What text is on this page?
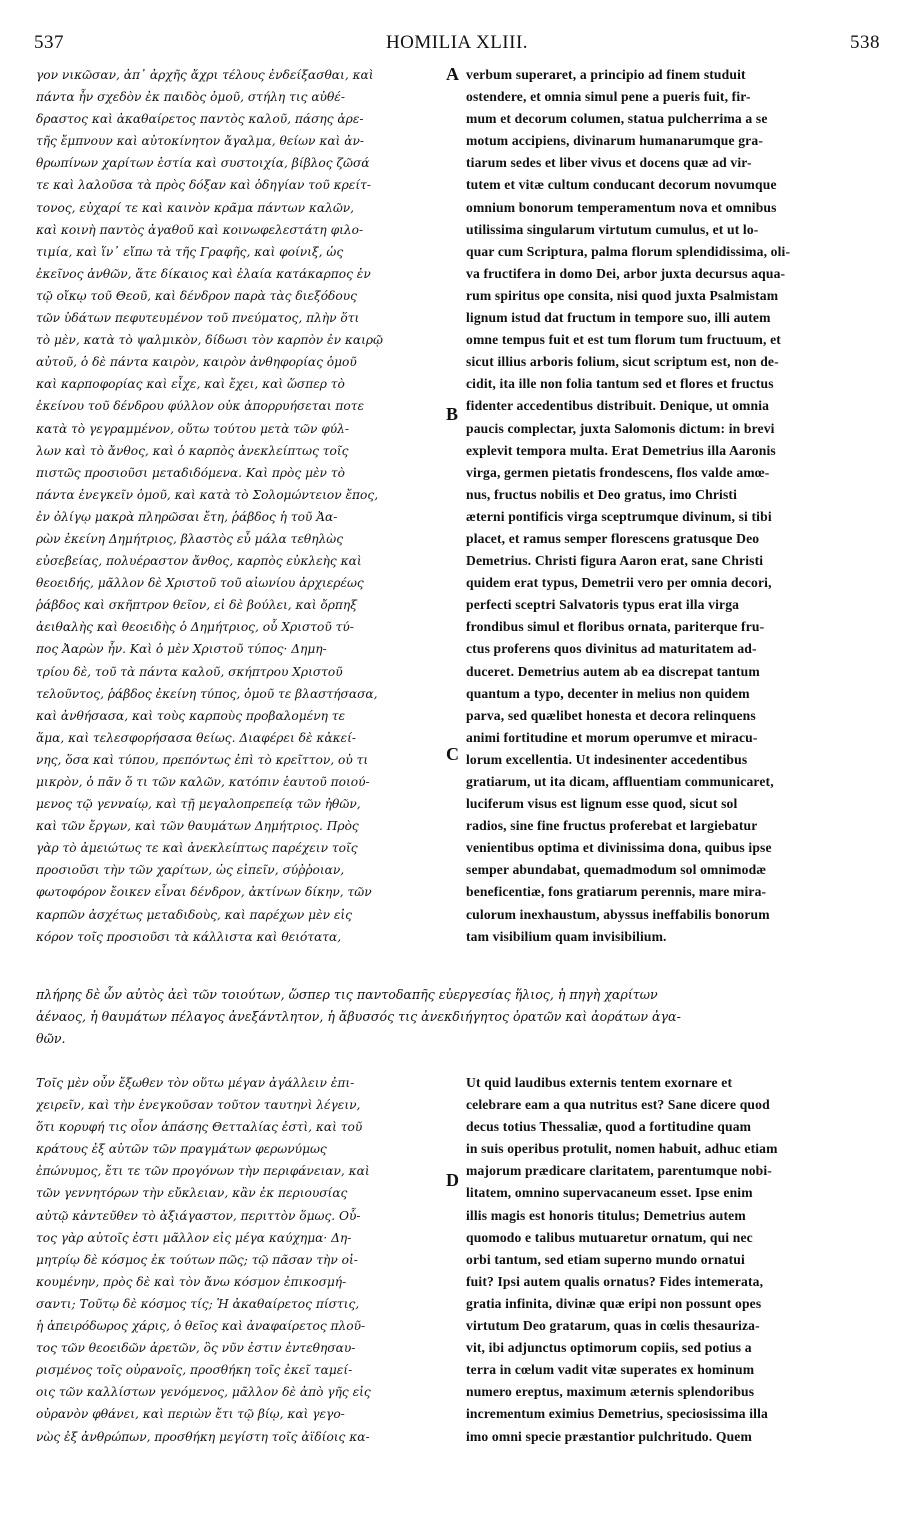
537	HOMILIA XLIII.	538
γον νικῶσαν, ἀπ᾽ ἀρχῆς ἄχρι τέλους ἐνδείξασθαι, καὶ
πάντα ἦν σχεδὸν ἐκ παιδὸς ὁμοῦ, στήλη τις αὐθέ-
δραστος καὶ ἀκαθαίρετος παντὸς καλοῦ, πάσης ἀρε-
τῆς ἔμπνουν καὶ αὐτοκίνητον ἄγαλμα, θείων καὶ ἀν-
θρωπίνων χαρίτων ἑστία καὶ συστοιχία, βίβλος ζῶσά
τε καὶ λαλοῦσα τὰ πρὸς δόξαν καὶ ὁδηγίαν τοῦ κρείτ-
τονος, εὐχαρί τε καὶ καινὸν κρᾶμα πάντων καλῶν,
καὶ κοινὴ παντὸς ἀγαθοῦ καὶ κοινωφελεστάτη φιλο-
τιμία, καὶ ἵν᾽ εἴπω τὰ τῆς Γραφῆς, καὶ φοίνιξ, ὡς
ἐκεῖνος ἀνθῶν, ἅτε δίκαιος καὶ ἐλαία κατάκαρπος ἐν
τῷ οἴκῳ τοῦ Θεοῦ, καὶ δένδρον παρὰ τὰς διεξόδους
τῶν ὑδάτων πεφυτευμένον τοῦ πνεύματος, πλὴν ὅτι
τὸ μὲν, κατὰ τὸ ψαλμικὸν, δίδωσι τὸν καρπὸν ἐν καιρῷ
αὐτοῦ, ὁ δὲ πάντα καιρὸν, καιρὸν ἀνθηφορίας ὁμοῦ
καὶ καρποφορίας καὶ εἶχε, καὶ ἔχει, καὶ ὥσπερ τὸ
ἐκείνου τοῦ δένδρου φύλλον οὐκ ἀπορρυήσεται ποτε
κατὰ τὸ γεγραμμένον, οὕτω τούτου μετὰ τῶν φύλ-
λων καὶ τὸ ἄνθος, καὶ ὁ καρπὸς ἀνεκλείπτως τοῖς
πιστῶς προσιοῦσι μεταδιδόμενα. Καὶ πρὸς μὲν τὸ
πάντα ἐνεγκεῖν ὁμοῦ, καὶ κατὰ τὸ Σολομώντειον ἔπος,
ἐν ὀλίγῳ μακρὰ πληρῶσαι ἔτη, ῥάβδος ἡ τοῦ Ἀα-
ρὼν ἐκείνη Δημήτριος, βλαστὸς εὖ μάλα τεθηλὼς
εὐσεβείας, πολυέραστον ἄνθος, καρπὸς εὐκλεὴς καὶ
θεοειδής, μᾶλλον δὲ Χριστοῦ τοῦ αἰωνίου ἀρχιερέως
ῥάβδος καὶ σκῆπτρον θεῖον, εἰ δὲ βούλει, καὶ ὄρπηξ
ἀειθαλὴς καὶ θεοειδὴς ὁ Δημήτριος, οὗ Χριστοῦ τύ-
πος Ἀαρὼν ἦν. Καὶ ὁ μὲν Χριστοῦ τύπος· Δημη-
τρίου δὲ, τοῦ τὰ πάντα καλοῦ, σκήπτρου Χριστοῦ
τελοῦντος, ῥάβδος ἐκείνη τύπος, ὁμοῦ τε βλαστήσασα,
καὶ ἀνθήσασα, καὶ τοὺς καρποὺς προβαλομένη τε
ἅμα, καὶ τελεσφορήσασα θείως. Διαφέρει δὲ κἀκεί-
νης, ὅσα καὶ τύπου, πρεπόντως ἐπὶ τὸ κρεῖττον, οὐ τι
μικρὸν, ὁ πᾶν ὅ τι τῶν καλῶν, κατόπιν ἑαυτοῦ ποιού-
μενος τῷ γενναίῳ, καὶ τῇ μεγαλοπρεπείᾳ τῶν ἠθῶν,
καὶ τῶν ἔργων, καὶ τῶν θαυμάτων Δημήτριος. Πρὸς
γὰρ τὸ ἀμειώτως τε καὶ ἀνεκλείπτως παρέχειν τοῖς
προσιοῦσι τὴν τῶν χαρίτων, ὡς εἰπεῖν, σύῤῥοιαν,
φωτοφόρον ἔοικεν εἶναι δένδρον, ἀκτίνων δίκην, τῶν
καρπῶν ἀσχέτως μεταδιδοὺς, καὶ παρέχων μὲν εἰς
κόρον τοῖς προσιοῦσι τὰ κάλλιστα καὶ θειότατα,
verbum superaret, a principio ad finem studuit
ostendere, et omnia simul pene a pueris fuit, fir-
mum et decorum columen, statua pulcherrima a se
motum accipiens, divinarum humanarumque gra-
tiarum sedes et liber vivus et docens quæ ad vir-
tutem et vitæ cultum conducant decorum novumque
omnium bonorum temperamentum nova et omnibus
utilissima singularum virtutum cumulus, et ut lo-
quar cum Scriptura, palma florum splendidissima, oli-
va fructifera in domo Dei, arbor juxta decursus aqua-
rum spiritus ope consita, nisi quod juxta Psalmistam
lignum istud dat fructum in tempore suo, illi autem
omne tempus fuit et est tum florum tum fructuum, et
sicut illius arboris folium, sicut scriptum est, non de-
cidit, ita ille non folia tantum sed et flores et fructus
fidenter accedentibus distribuit. Denique, ut omnia
paucis complectar, juxta Salomonis dictum: in brevi
explevit tempora multa. Erat Demetrius illa Aaronis
virga, germen pietatis frondescens, flos valde amœ-
nus, fructus nobilis et Deo gratus, imo Christi
æterni pontificis virga sceptrumque divinum, si tibi
placet, et ramus semper florescens gratusque Deo
Demetrius. Christi figura Aaron erat, sane Christi
quidem erat typus, Demetrii vero per omnia decori,
perfecti sceptri Salvatoris typus erat illa virga
frondibus simul et floribus ornata, pariterque fru-
ctus proferens quos divinitus ad maturitatem ad-
duceret. Demetrius autem ab ea discrepat tantum
quantum a typo, decenter in melius non quidem
parva, sed quælibet honesta et decora relinquens
animi fortitudine et morum operumve et miracu-
lorum excellentia. Ut indesinenter accedentibus
gratiarum, ut ita dicam, affluentiam communicaret,
luciferum visus est lignum esse quod, sicut sol
radios, sine fine fructus proferebat et largiebatur
venientibus optima et divinissima dona, quibus ipse
semper abundabat, quemadmodum sol omnimodæ
beneficentiæ, fons gratiarum perennis, mare mira-
culorum inexhaustum, abyssus ineffabilis bonorum
tam visibilium quam invisibilium.
πλήρης δὲ ὧν αὐτὸς ἀεὶ τῶν τοιούτων, ὥσπερ τις παντοδαπῆς εὐεργεσίας ἥλιος, ἡ πηγὴ χαρίτων
ἀέναος, ἡ θαυμάτων πέλαγος ἀνεξάντλητον, ἡ ἄβυσσός τις ἀνεκδιήγητος ὁρατῶν καὶ ἀοράτων ἀγα-
θῶν.
Τοῖς μὲν οὖν ἔξωθεν τὸν οὕτω μέγαν ἀγάλλειν ἐπι-
χειρεῖν, καὶ τὴν ἐνεγκοῦσαν τοῦτον ταυτηνὶ λέγειν,
ὅτι κορυφή τις οἷον ἁπάσης Θετταλίας ἐστὶ, καὶ τοῦ
κράτους ἐξ αὐτῶν τῶν πραγμάτων φερωνύμως
ἐπώνυμος, ἔτι τε τῶν προγόνων τὴν περιφάνειαν, καὶ
τῶν γεννητόρων τὴν εὔκλειαν, κἂν ἐκ περιουσίας
αὐτῷ κἀντεῦθεν τὸ ἀξιάγαστον, περιττὸν ὅμως. Οὗ-
τος γὰρ αὐτοῖς ἐστι μᾶλλον εἰς μέγα καύχημα· Δη-
μητρίῳ δὲ κόσμος ἐκ τούτων πῶς; τῷ πᾶσαν τὴν οἰ-
κουμένην, πρὸς δὲ καὶ τὸν ἄνω κόσμον ἐπικοσμή-
σαντι; Τοῦτῳ δὲ κόσμος τίς; Ἡ ἀκαθαίρετος πίστις,
ἡ ἀπειρόδωρος χάρις, ὁ θεῖος καὶ ἀναφαίρετος πλοῦ-
τος τῶν θεοειδῶν ἀρετῶν, ὃς νῦν ἐστιν ἐντεθησαυ-
ρισμένος τοῖς οὐρανοῖς, προσθήκη τοῖς ἐκεῖ ταμεί-
οις τῶν καλλίστων γενόμενος, μᾶλλον δὲ ἀπὸ γῆς εἰς
οὐρανὸν φθάνει, καὶ περιὼν ἔτι τῷ βίῳ, καὶ γεγο-
νὼς ἐξ ἀνθρώπων, προσθήκη μεγίστη τοῖς ἀϊδίοις κα-
Ut quid laudibus externis tentem exornare et
celebrare eam a qua nutritus est? Sane dicere quod
decus totius Thessaliæ, quod a fortitudine quam
in suis operibus protulit, nomen habuit, adhuc etiam
majorum prædicare claritatem, parentumque nobi-
litatem, omnino supervacaneum esset. Ipse enim
illis magis est honoris titulus; Demetrius autem
quomodo e talibus mutuaretur ornatum, qui nec
orbi tantum, sed etiam superno mundo ornatui
fuit? Ipsi autem qualis ornatus? Fides intemerata,
gratia infinita, divinæ quæ eripi non possunt opes
virtutum Deo gratarum, quas in cœlis thesauriza-
vit, ibi adjunctus optimorum copiis, sed potius a
terra in cœlum vadit vitæ superates ex hominum
numero ereptus, maximum æternis splendoribus
incrementum eximius Demetrius, speciosissima illa
imo omni specie præstantior pulchritudo. Quem
A
B
C
D
